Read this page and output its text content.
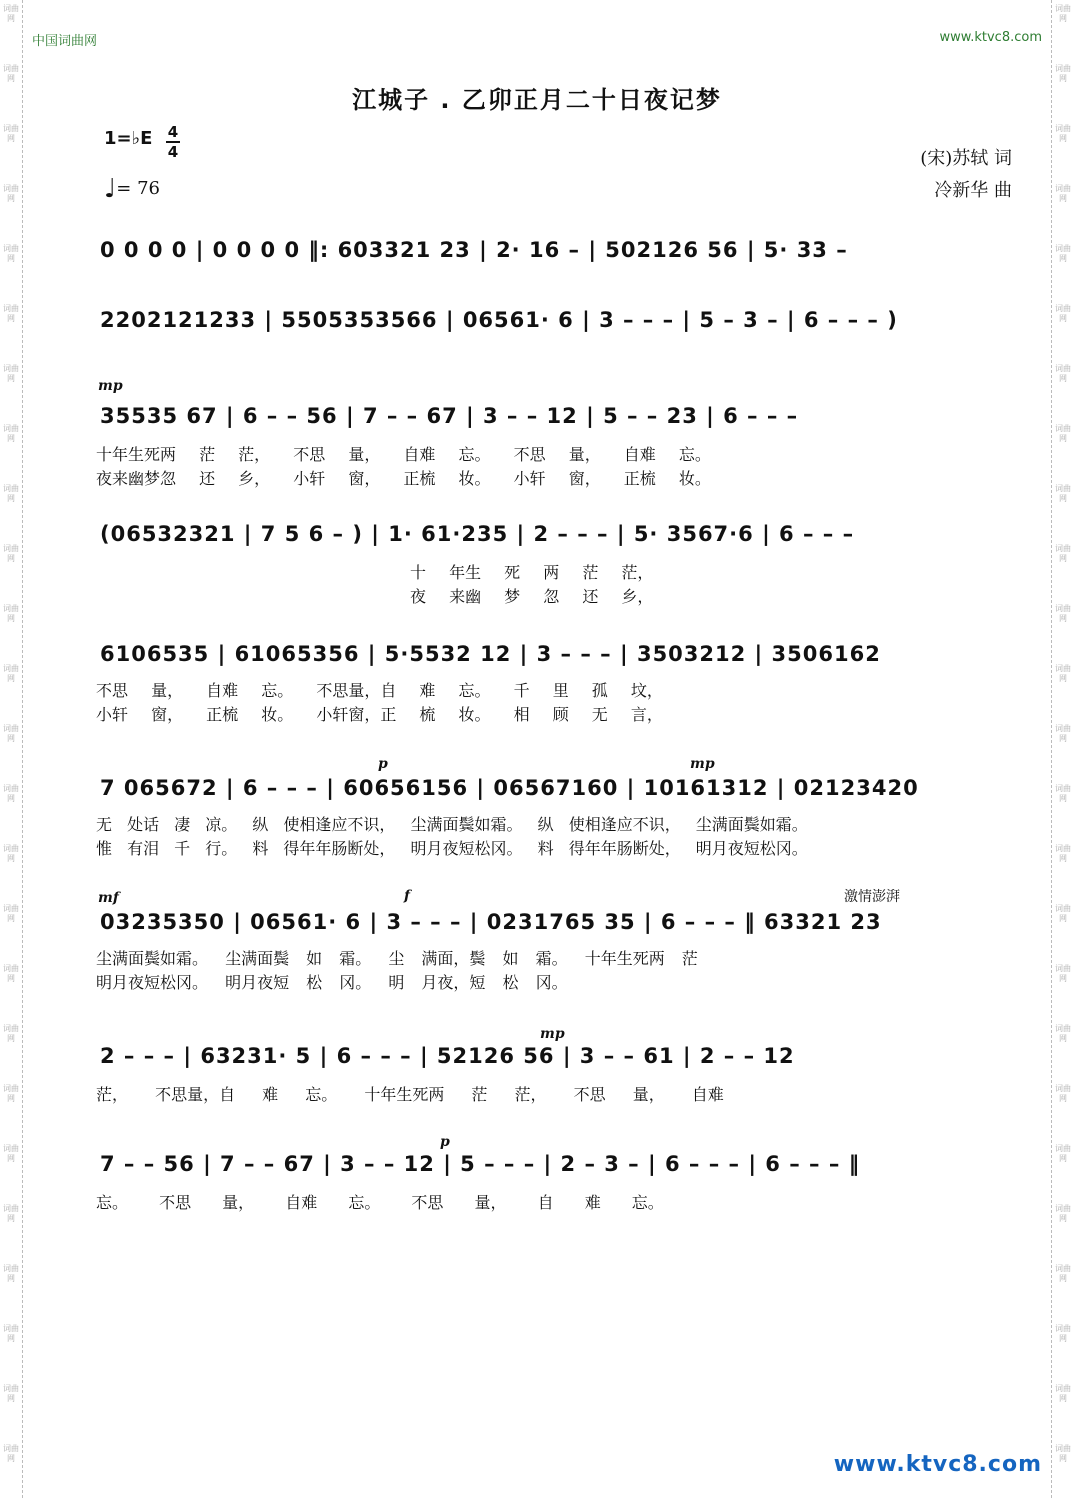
词曲网
词曲网
词曲网
词曲网
词曲网
词曲网
词曲网
词曲网
词曲网
词曲网
词曲网
词曲网
词曲网
词曲网
词曲网
词曲网
词曲网
词曲网
词曲网
词曲网
词曲网
词曲网
词曲网
词曲网
词曲网
词曲网
词曲网
词曲网
词曲网
词曲网
词曲网
词曲网
词曲网
词曲网
词曲网
词曲网
词曲网
词曲网
词曲网
词曲网
词曲网
词曲网
词曲网
词曲网
词曲网
词曲网
词曲网
词曲网
词曲网
词曲网
中国词曲网	www.ktvc8.com
江城子 . 乙卯正月二十日夜记梦
1=♭E 4
4
♩= 76
(宋)苏轼 词
冷新华 曲
mp
p	mp
mf	f
mp
p
激情澎湃
0 0 0 0 | 0 0 0 0 ‖: 603321 23 | 2· 16 – | 502126 56 | 5· 33 –
2202121233 | 5505353566 | 06561· 6 | 3 – – – | 5 – 3 – | 6 – – – )
35535 67 | 6 – – 56 | 7 – – 67 | 3 – – 12 | 5 – – 23 | 6 – – –
十年生死两 茫 茫， 不思 量， 自难 忘。 不思 量， 自难 忘。
夜来幽梦忽 还 乡， 小轩 窗， 正梳 妆。 小轩 窗， 正梳 妆。
(06532321 | 7 5 6 – ) | 1· 61·235 | 2 – – – | 5· 3567·6 | 6 – – –
十 年生 死 两 茫 茫，
夜 来幽 梦 忽 还 乡，
6106535 | 61065356 | 5·5532 12 | 3 – – – | 3503212 | 3506162
不思 量， 自难 忘。 不思量，自 难 忘。 千 里 孤 坟，
小轩 窗， 正梳 妆。 小轩窗，正 梳 妆。 相 顾 无 言，
7 065672 | 6 – – – | 60656156 | 06567160 | 10161312 | 02123420
无 处话 凄 凉。 纵 使相逢应不识， 尘满面鬓如霜。 纵 使相逢应不识， 尘满面鬓如霜。
惟 有泪 千 行。 料 得年年肠断处， 明月夜短松冈。 料 得年年肠断处， 明月夜短松冈。
03235350 | 06561· 6 | 3 – – – | 0231765 35 | 6 – – – ‖ 63321 23
尘满面鬓如霜。 尘满面鬓 如 霜。 尘 满面，鬓 如 霜。 十年生死两 茫
明月夜短松冈。 明月夜短 松 冈。 明 月夜，短 松 冈。
2 – – – | 63231· 5 | 6 – – – | 52126 56 | 3 – – 61 | 2 – – 12
茫， 不思量，自 难 忘。 十年生死两 茫 茫， 不思 量， 自难
7 – – 56 | 7 – – 67 | 3 – – 12 | 5 – – – | 2 – 3 – | 6 – – – | 6 – – – ‖
忘。 不思 量， 自难 忘。 不思 量， 自 难 忘。
www.ktvc8.com
